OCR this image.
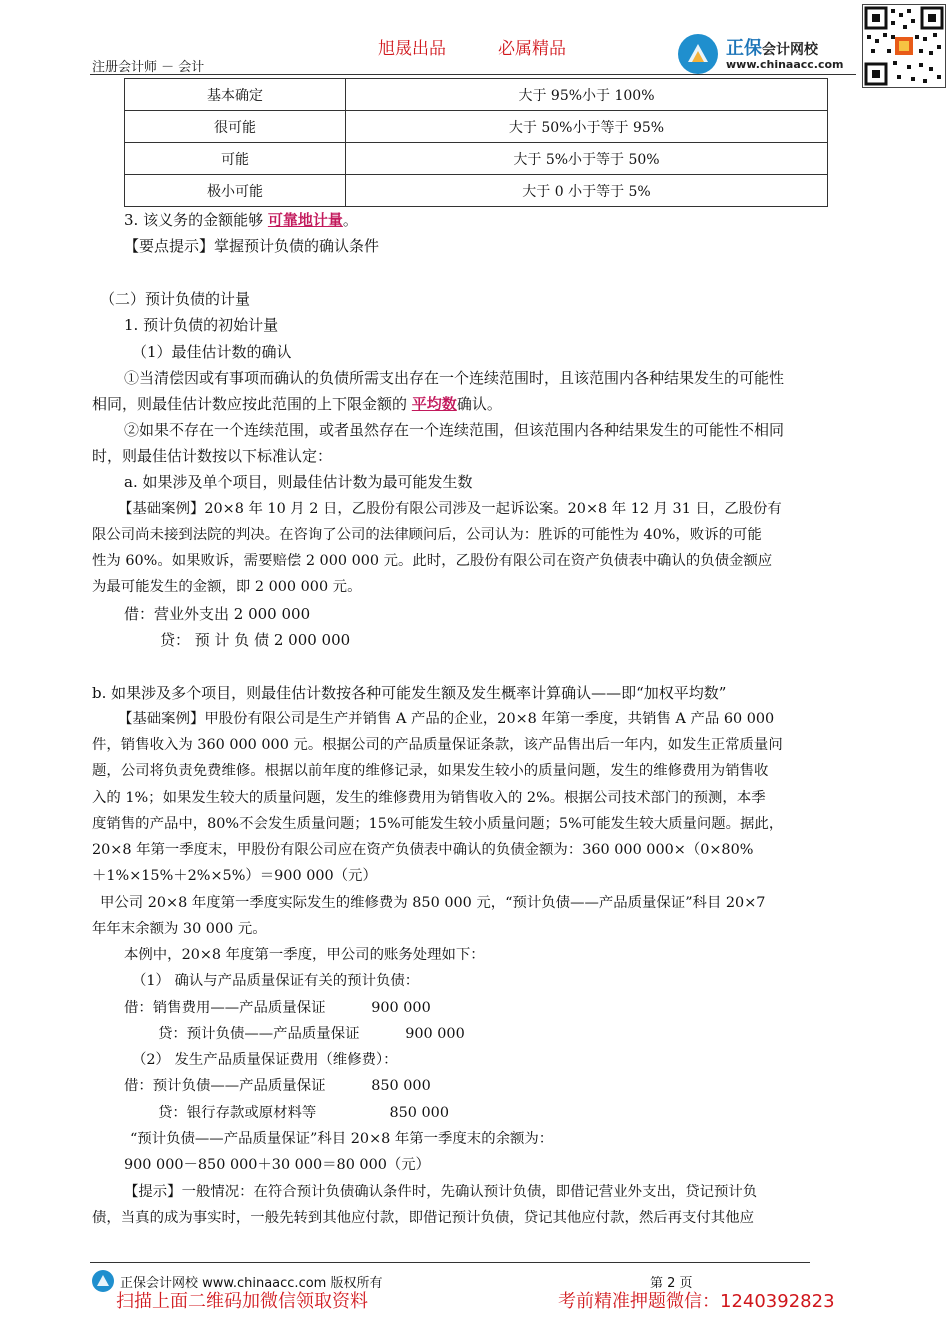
旭晟出品	必属精品
注册会计师 － 会计
正保会计网校
www.chinaacc.com
基本确定	大于 95%小于 100%
很可能	大于 50%小于等于 95%
可能	大于 5%小于等于 50%
极小可能	大于 0 小于等于 5%
3. 该义务的金额能够 可靠地计量。
【要点提示】掌握预计负债的确认条件
（二）预计负债的计量
1. 预计负债的初始计量
（1）最佳估计数的确认
①当清偿因或有事项而确认的负债所需支出存在一个连续范围时，且该范围内各种结果发生的可能性
相同，则最佳估计数应按此范围的上下限金额的 平均数确认。
②如果不存在一个连续范围，或者虽然存在一个连续范围，但该范围内各种结果发生的可能性不相同
时，则最佳估计数按以下标准认定：
a. 如果涉及单个项目，则最佳估计数为最可能发生数
【基础案例】20×8 年 10 月 2 日，乙股份有限公司涉及一起诉讼案。20×8 年 12 月 31 日，乙股份有
限公司尚未接到法院的判决。在咨询了公司的法律顾问后，公司认为：胜诉的可能性为 40%，败诉的可能
性为 60%。如果败诉，需要赔偿 2 000 000 元。此时，乙股份有限公司在资产负债表中确认的负债金额应
为最可能发生的金额，即 2 000 000 元。
借：营业外支出 2 000 000
贷： 预 计 负 债 2 000 000
b. 如果涉及多个项目，则最佳估计数按各种可能发生额及发生概率计算确认——即“加权平均数”
【基础案例】甲股份有限公司是生产并销售 A 产品的企业，20×8 年第一季度，共销售 A 产品 60 000
件，销售收入为 360 000 000 元。根据公司的产品质量保证条款，该产品售出后一年内，如发生正常质量问
题，公司将负责免费维修。根据以前年度的维修记录，如果发生较小的质量问题，发生的维修费用为销售收
入的 1%；如果发生较大的质量问题，发生的维修费用为销售收入的 2%。根据公司技术部门的预测，本季
度销售的产品中，80%不会发生质量问题；15%可能发生较小质量问题；5%可能发生较大质量问题。据此，
20×8 年第一季度末，甲股份有限公司应在资产负债表中确认的负债金额为：360 000 000×（0×80%
＋1%×15%＋2%×5%）＝900 000（元）
甲公司 20×8 年度第一季度实际发生的维修费为 850 000 元，“预计负债——产品质量保证”科目 20×7
年年末余额为 30 000 元。
本例中，20×8 年度第一季度，甲公司的账务处理如下：
（1） 确认与产品质量保证有关的预计负债：
借：销售费用——产品质量保证          900 000
贷：预计负债——产品质量保证          900 000
（2） 发生产品质量保证费用（维修费）：
借：预计负债——产品质量保证          850 000
贷：银行存款或原材料等                850 000
“预计负债——产品质量保证”科目 20×8 年第一季度末的余额为：
900 000－850 000＋30 000＝80 000（元）
【提示】一般情况：在符合预计负债确认条件时，先确认预计负债，即借记营业外支出，贷记预计负
债，当真的成为事实时，一般先转到其他应付款，即借记预计负债，贷记其他应付款，然后再支付其他应
正保会计网校 www.chinaacc.com 版权所有	第 2 页
扫描上面二维码加微信领取资料	考前精准押题微信：1240392823
